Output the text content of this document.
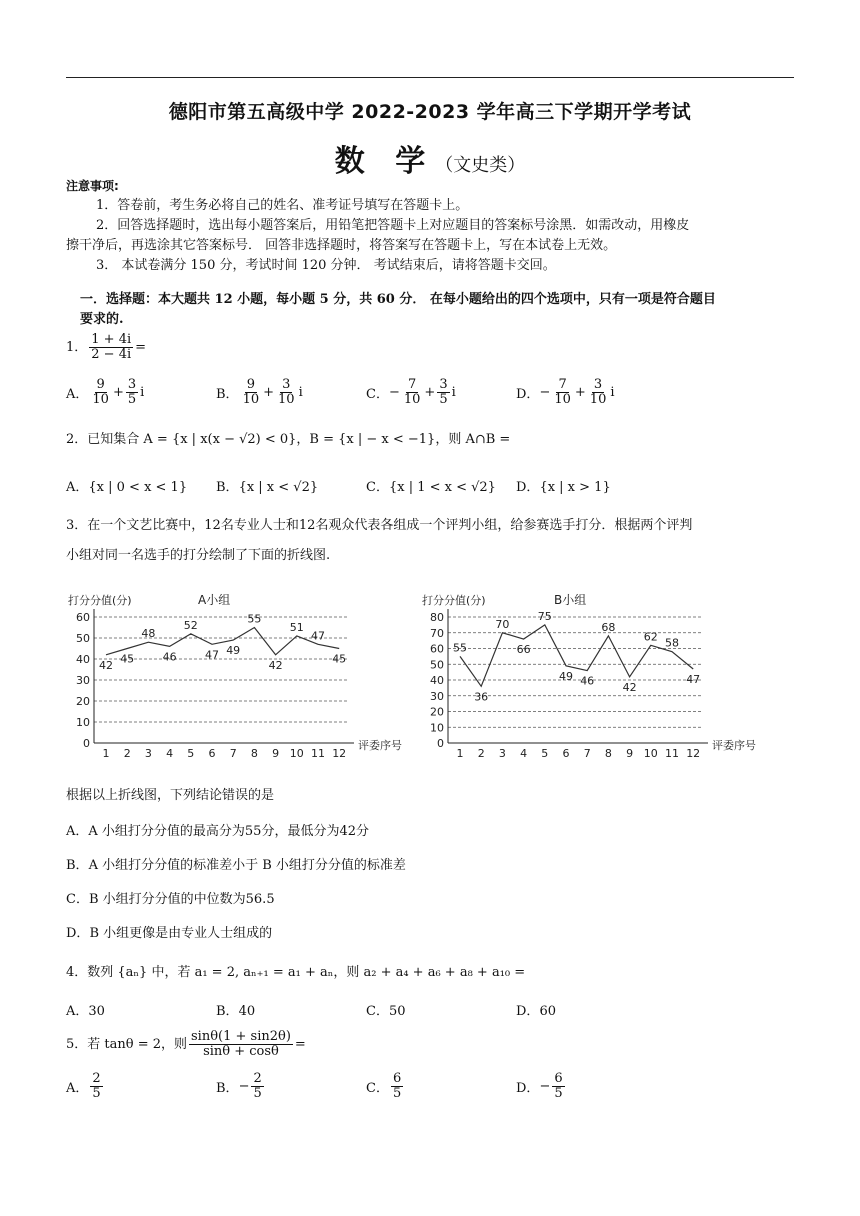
德阳市第五高级中学 2022-2023 学年高三下学期开学考试
数 学（文史类）
注意事项:
1．答卷前，考生务必将自己的姓名、准考证号填写在答题卡上。
2．回答选择题时，选出每小题答案后，用铅笔把答题卡上对应题目的答案标号涂黑．如需改动，用橡皮
擦干净后，再选涂其它答案标号． 回答非选择题时，将答案写在答题卡上，写在本试卷上无效。
3． 本试卷满分 150 分，考试时间 120 分钟． 考试结束后，请将答题卡交回。
一．选择题：本大题共 12 小题，每小题 5 分，共 60 分． 在每小题给出的四个选项中，只有一项是符合题目
要求的.
1． $\frac{1 + 4i}{2 - 4i}$ =
A． $\frac{9}{10} + \frac{3}{5}$ i	B． $\frac{9}{10} + \frac{3}{10}$ i	C． − $\frac{7}{10} + \frac{3}{5}$ i	D． − $\frac{7}{10} + \frac{3}{10}$ i
2．已知集合 A = {x | x(x − √2) < 0}，B = {x | − x < −1}，则 A∩B =
A．{x | 0 < x < 1} B．{x | x < √2}	C．{x | 1 < x < √2} D．{x | x > 1}
3．在一个文艺比赛中，12名专业人士和12名观众代表各组成一个评判小组，给参赛选手打分．根据两个评判
小组对同一名选手的打分绘制了下面的折线图.
0
10
20
30
40
50
60
1 2 3 4 5 6 7 8 9 10 11 12
打分分值(分)	A小组
评委序号
42 45
48
46
52
47 49
55
42
51
47
45
0
10
20
30
40
50
60
70
80
1 2 3 4 5 6 7 8 9 10 11 12
打分分值(分)	B小组
评委序号
55
36
70
66
75
49 46
68
42
62 58
47
根据以上折线图，下列结论错误的是
A．A 小组打分分值的最高分为55分，最低分为42分
B．A 小组打分分值的标准差小于 B 小组打分分值的标准差
C．B 小组打分分值的中位数为56.5
D．B 小组更像是由专业人士组成的
4．数列 {aₙ} 中，若 a₁ = 2, aₙ₊₁ = a₁ + aₙ，则 a₂ + a₄ + a₆ + a₈ + a₁₀ =
A．30	B．40	C．50	D．60
5．若 tanθ = 2，则 $\frac{\sin\theta(1 + \sin 2\theta)}{\sin\theta + \cos\theta}$ =
A． $\frac{2}{5}$	B． − $\frac{2}{5}$	C． $\frac{6}{5}$	D． − $\frac{6}{5}$
